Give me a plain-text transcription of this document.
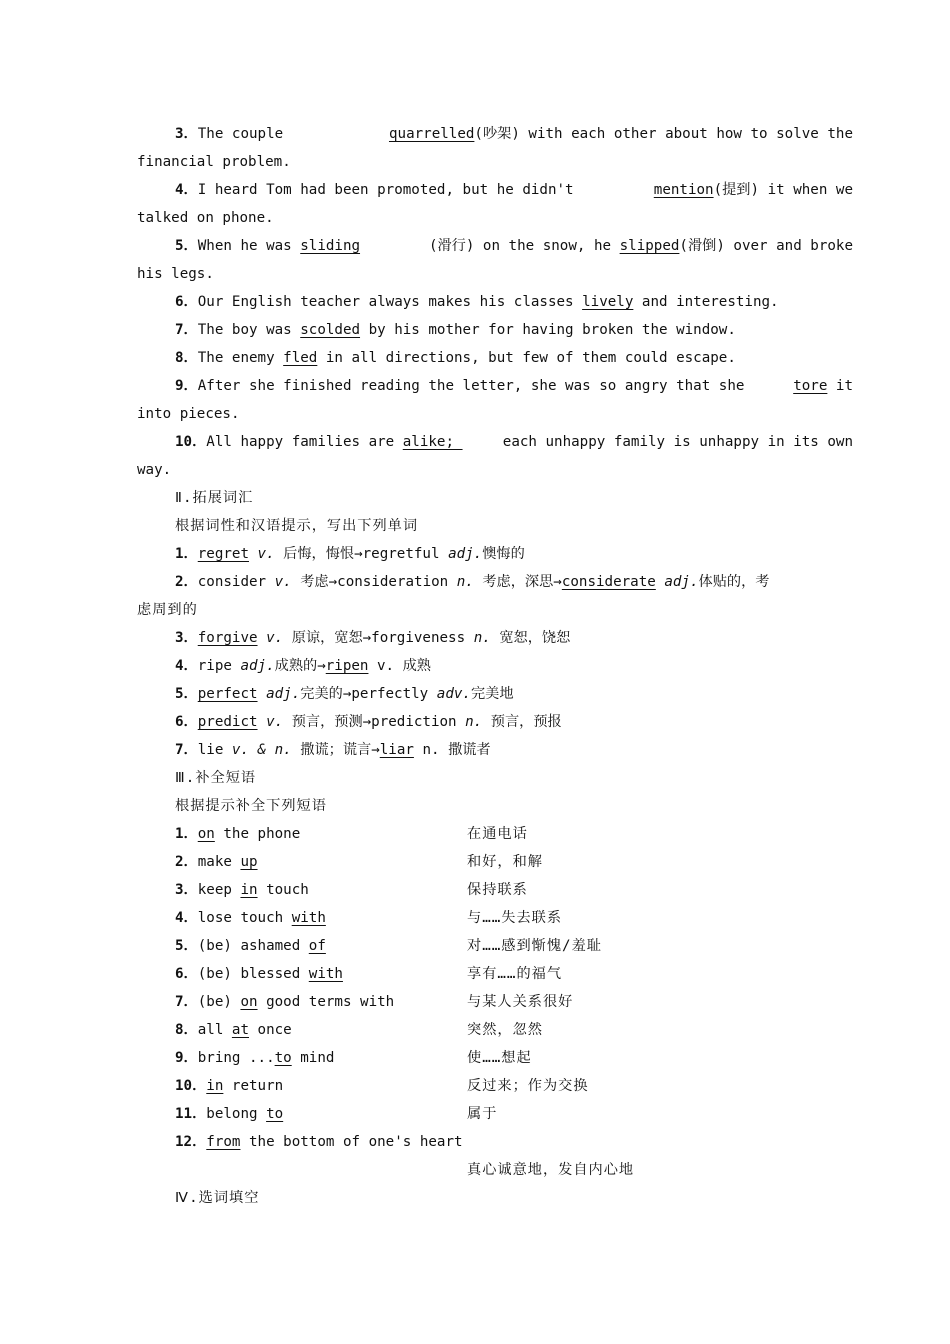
3．The couple	quarrelled(吵架) with each other about how to solve the
financial problem.
4．I heard Tom had been promoted, but he didn't	mention(提到) it when we
talked on phone.
5．When he was sliding	(滑行) on the snow, he slipped(滑倒) over and broke
his legs.
6．Our English teacher always makes his classes lively and interesting.
7．The boy was scolded by his mother for having broken the window.
8．The enemy fled in all directions, but few of them could escape.
9．After she finished reading the letter, she was so angry that she	tore it
into pieces.
10．All happy families are alike;	each unhappy family is unhappy in its own
way.
Ⅱ.拓展词汇
根据词性和汉语提示，写出下列单词
1．regret v. 后悔，悔恨→regretful adj.懊悔的
2．consider v. 考虑→consideration n. 考虑，深思→considerate adj.体贴的，考
虑周到的
3．forgive v. 原谅，宽恕→forgiveness n. 宽恕，饶恕
4．ripe adj.成熟的→ripen v. 成熟
5．perfect adj.完美的→perfectly adv.完美地
6．predict v. 预言，预测→prediction n. 预言，预报
7．lie v. & n. 撒谎；谎言→liar n. 撒谎者
Ⅲ.补全短语
根据提示补全下列短语
1．on the phone	在通电话
2．make up	和好，和解
3．keep in touch	保持联系
4．lose touch with	与……失去联系
5．(be) ashamed of	对……感到惭愧/羞耻
6．(be) blessed with	享有……的福气
7．(be) on good terms with	与某人关系很好
8．all at once	突然，忽然
9．bring ...to mind	使……想起
10．in return	反过来；作为交换
11．belong to	属于
12．from the bottom of one's heart
真心诚意地，发自内心地
Ⅳ.选词填空
